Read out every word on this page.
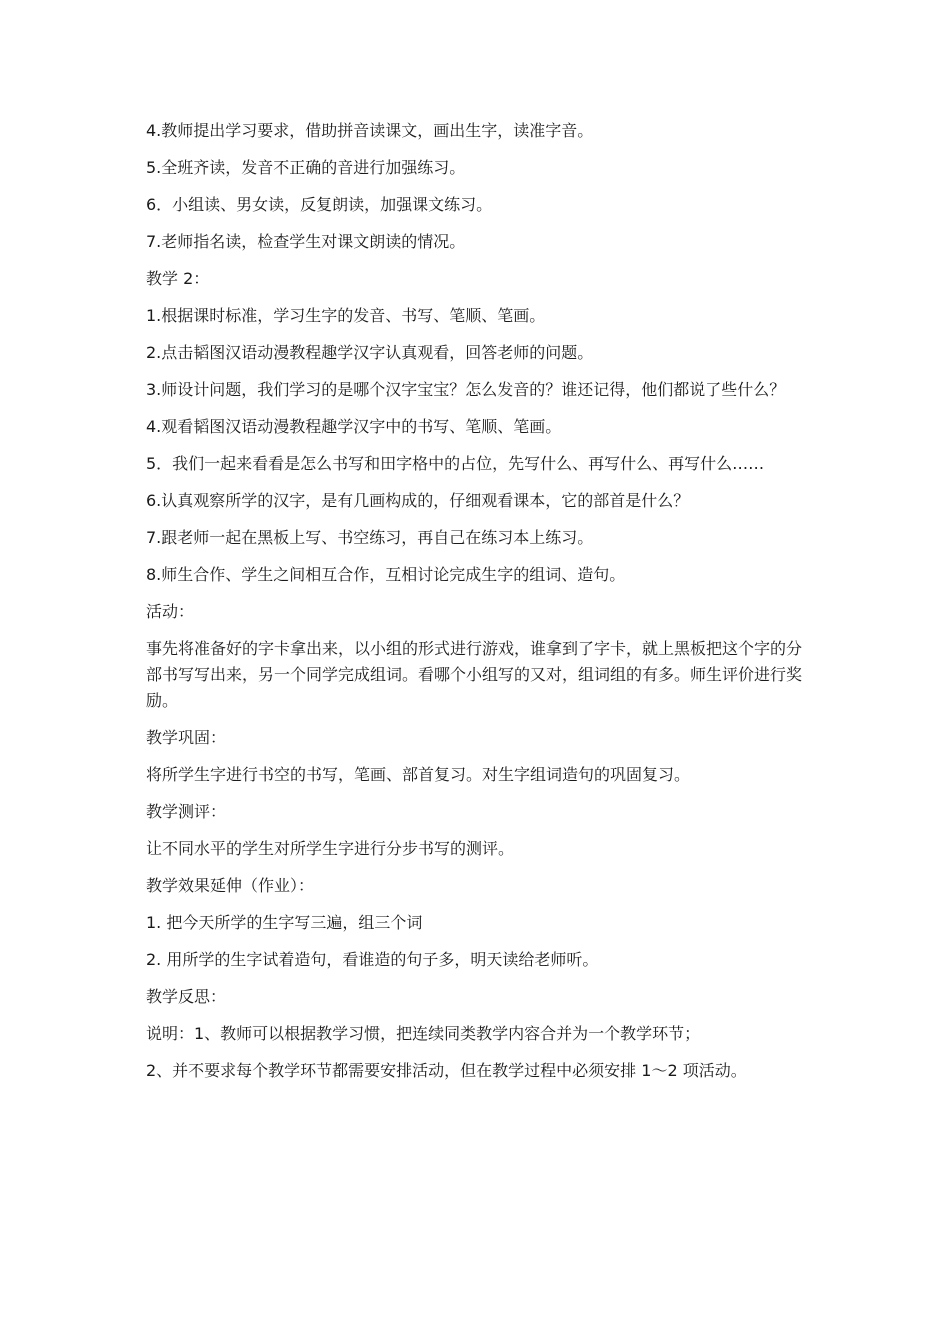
4.教师提出学习要求，借助拼音读课文，画出生字，读准字音。

5.全班齐读，发音不正确的音进行加强练习。

6．小组读、男女读，反复朗读，加强课文练习。

7.老师指名读，检查学生对课文朗读的情况。

教学 2：

1.根据课时标准，学习生字的发音、书写、笔顺、笔画。

2.点击韬图汉语动漫教程趣学汉字认真观看，回答老师的问题。

3.师设计问题，我们学习的是哪个汉字宝宝？怎么发音的？谁还记得，他们都说了些什么？

4.观看韬图汉语动漫教程趣学汉字中的书写、笔顺、笔画。

5．我们一起来看看是怎么书写和田字格中的占位，先写什么、再写什么、再写什么……

6.认真观察所学的汉字，是有几画构成的，仔细观看课本，它的部首是什么？

7.跟老师一起在黑板上写、书空练习，再自己在练习本上练习。

8.师生合作、学生之间相互合作，互相讨论完成生字的组词、造句。

活动：

事先将准备好的字卡拿出来，以小组的形式进行游戏，谁拿到了字卡，就上黑板把这个字的分部书写写出来，另一个同学完成组词。看哪个小组写的又对，组词组的有多。师生评价进行奖励。

教学巩固：

将所学生字进行书空的书写，笔画、部首复习。对生字组词造句的巩固复习。

教学测评：

让不同水平的学生对所学生字进行分步书写的测评。

教学效果延伸（作业）：

1. 把今天所学的生字写三遍，组三个词

2. 用所学的生字试着造句，看谁造的句子多，明天读给老师听。

教学反思：

说明：1、教师可以根据教学习惯，把连续同类教学内容合并为一个教学环节；

2、并不要求每个教学环节都需要安排活动，但在教学过程中必须安排 1～2 项活动。
